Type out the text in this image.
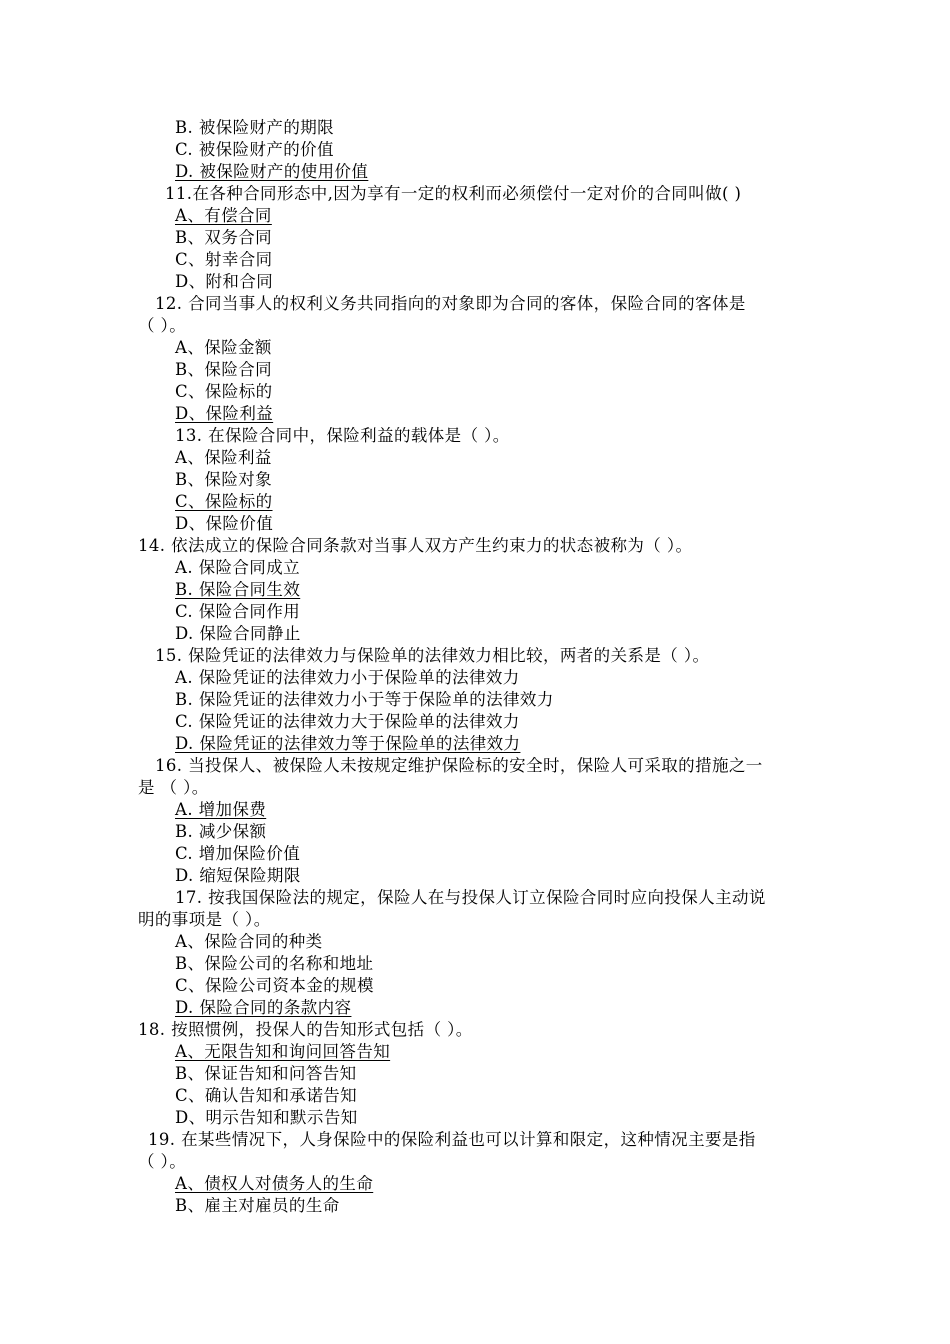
B. 被保险财产的期限
C. 被保险财产的价值
D. 被保险财产的使用价值
11.在各种合同形态中,因为享有一定的权利而必须偿付一定对价的合同叫做( )
A、有偿合同
B、双务合同
C、射幸合同
D、附和合同
12. 合同当事人的权利义务共同指向的对象即为合同的客体，保险合同的客体是
（ ）。
A、保险金额
B、保险合同
C、保险标的
D、保险利益
13. 在保险合同中，保险利益的载体是（ ）。
A、保险利益
B、保险对象
C、保险标的
D、保险价值
14. 依法成立的保险合同条款对当事人双方产生约束力的状态被称为（ ）。
A. 保险合同成立
B. 保险合同生效
C. 保险合同作用
D. 保险合同静止
15. 保险凭证的法律效力与保险单的法律效力相比较，两者的关系是（ ）。
A. 保险凭证的法律效力小于保险单的法律效力
B. 保险凭证的法律效力小于等于保险单的法律效力
C. 保险凭证的法律效力大于保险单的法律效力
D. 保险凭证的法律效力等于保险单的法律效力
16. 当投保人、被保险人未按规定维护保险标的安全时，保险人可采取的措施之一
是 （ ）。
A. 增加保费
B. 减少保额
C. 增加保险价值
D. 缩短保险期限
17. 按我国保险法的规定，保险人在与投保人订立保险合同时应向投保人主动说
明的事项是（ ）。
A、保险合同的种类
B、保险公司的名称和地址
C、保险公司资本金的规模
D. 保险合同的条款内容
18. 按照惯例，投保人的告知形式包括（ ）。
A、无限告知和询问回答告知
B、保证告知和问答告知
C、确认告知和承诺告知
D、明示告知和默示告知
19. 在某些情况下，人身保险中的保险利益也可以计算和限定，这种情况主要是指
（ ）。
A、债权人对债务人的生命
B、雇主对雇员的生命
